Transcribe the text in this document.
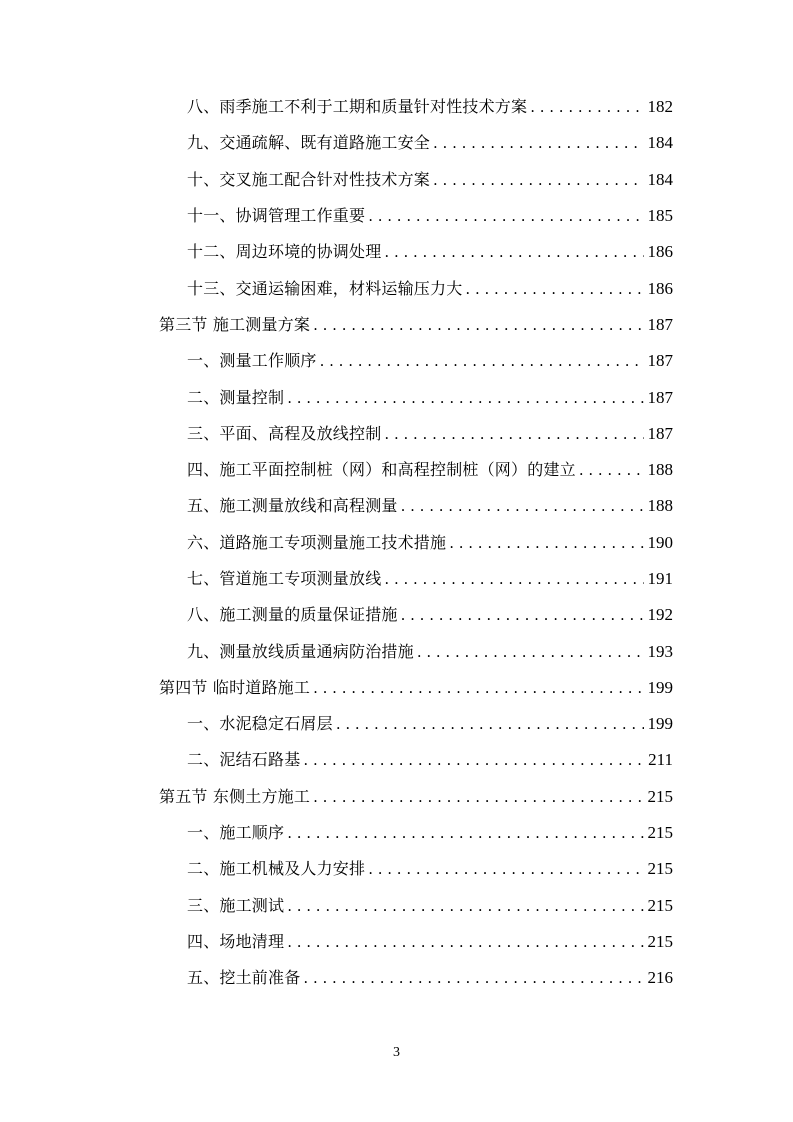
八、雨季施工不利于工期和质量针对性技术方案 . . .	182
九、交通疏解、既有道路施工安全 . . .	184
十、交叉施工配合针对性技术方案 . . .	184
十一、协调管理工作重要 . . .	185
十二、周边环境的协调处理 . . .	186
十三、交通运输困难，材料运输压力大 . . .	186
第三节 施工测量方案 . . .	187
一、测量工作顺序 . . .	187
二、测量控制 . . .	187
三、平面、高程及放线控制 . . .	187
四、施工平面控制桩（网）和高程控制桩（网）的建立 . . .	188
五、施工测量放线和高程测量 . . .	188
六、道路施工专项测量施工技术措施 . . .	190
七、管道施工专项测量放线 . . .	191
八、施工测量的质量保证措施 . . .	192
九、测量放线质量通病防治措施 . . .	193
第四节 临时道路施工 . . .	199
一、水泥稳定石屑层 . . .	199
二、泥结石路基 . . .	211
第五节 东侧土方施工 . . .	215
一、施工顺序 . . .	215
二、施工机械及人力安排 . . .	215
三、施工测试 . . .	215
四、场地清理 . . .	215
五、挖土前准备 . . .	216
3
